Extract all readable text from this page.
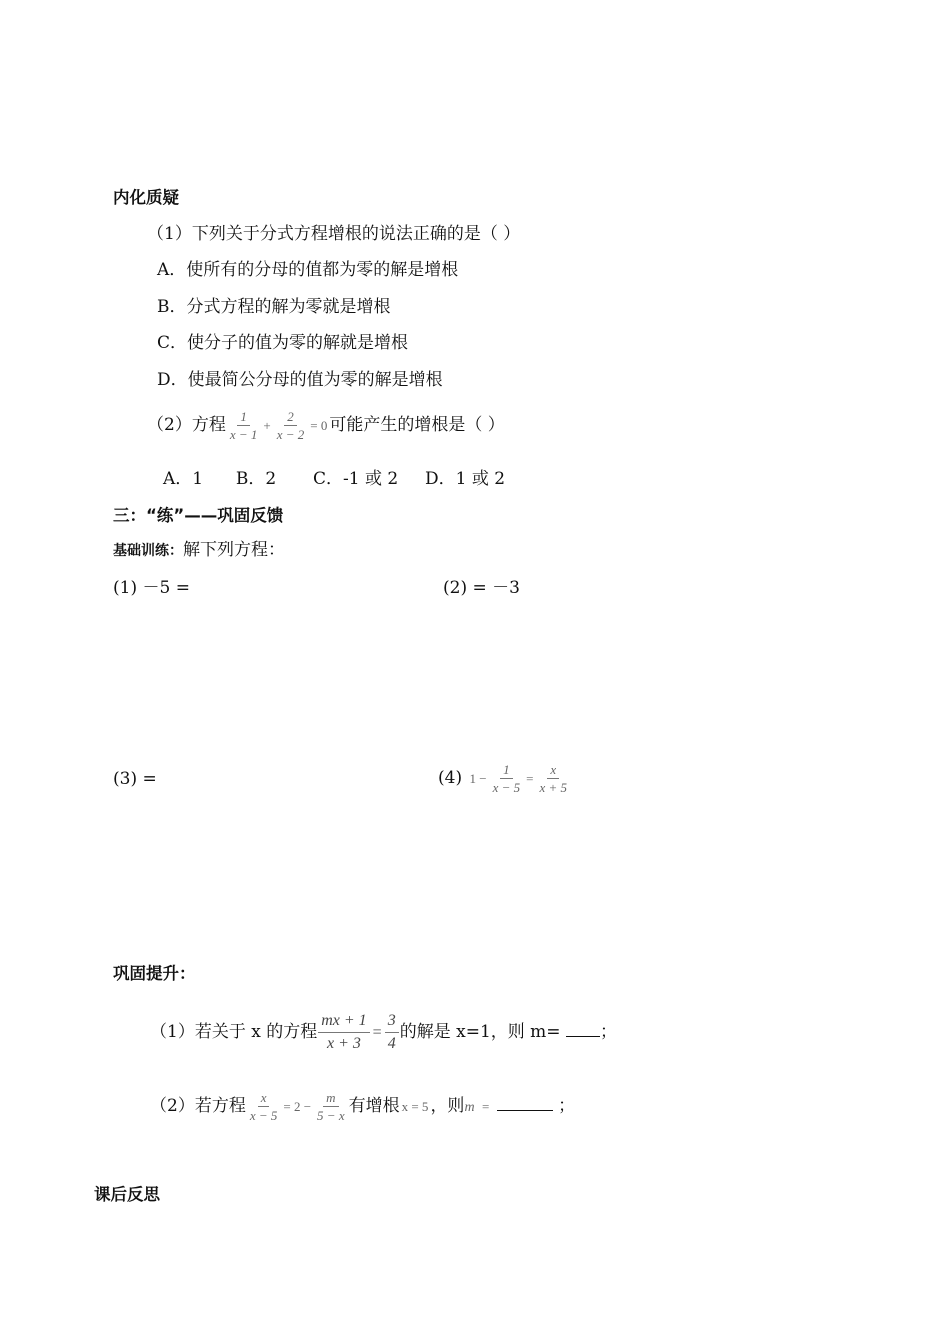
内化质疑
（1）下列关于分式方程增根的说法正确的是（ ）
A．使所有的分母的值都为零的解是增根
B．分式方程的解为零就是增根
C．使分子的值为零的解就是增根
D．使最简公分母的值为零的解是增根
（2）方程 $\frac{1}{x - 1} + \frac{2}{x - 2} = 0$ 可能产生的增根是（ ）
A．1 B．2 C．-1 或 2 D．1 或 2
三：“练”——巩固反馈
基础训练：解下列方程：
(1) －5 =	(2) = －3
(3) =	(4) $1 - \frac{1}{x - 5} = \frac{x}{x + 5}$
巩固提升：
（1）若关于 x 的方程 $\frac{mx + 1}{x + 3} = \frac{3}{4}$ 的解是 x=1，则 m= ；
（2）若方程 $\frac{x}{x - 5} = 2 - \frac{m}{5 - x}$ 有增根 x = 5 ，则m =	；
课后反思
